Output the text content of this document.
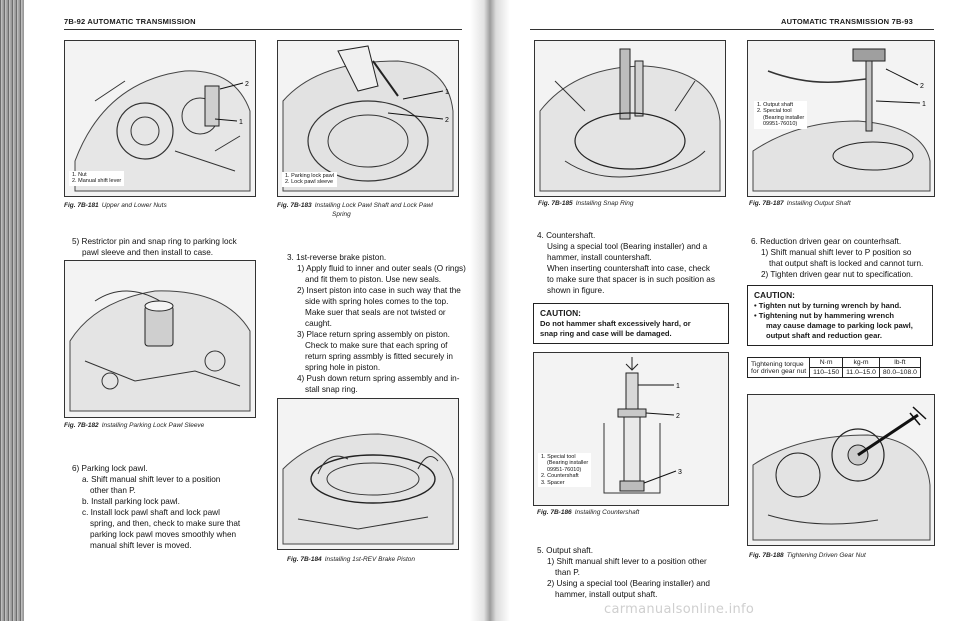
7B-92 AUTOMATIC TRANSMISSION
2
1
1. Nut
2. Manual shift lever
Fig. 7B-181 Upper and Lower Nuts
1
2
1. Parking lock pawl
2. Lock pawl sleeve
Fig. 7B-183 Installing Lock Pawl Shaft and Lock Pawl
Spring
5) Restrictor pin and snap ring to parking lock
pawl sleeve and then install to case.
Fig. 7B-182 Installing Parking Lock Pawl Sleeve
6) Parking lock pawl.
a. Shift manual shift lever to a position
other than P.
b. Install parking lock pawl.
c. Install lock pawl shaft and lock pawl
spring, and then, check to make sure that
parking lock pawl moves smoothly when
manual shift lever is moved.
3. 1st-reverse brake piston.
1) Apply fluid to inner and outer seals (O rings)
and fit them to piston. Use new seals.
2) Insert piston into case in such way that the
side with spring holes comes to the top.
Make suer that seals are not twisted or
caught.
3) Place return spring assembly on piston.
Check to make sure that each spring of
return spring assmbly is fitted securely in
spring hole in piston.
4) Push down return spring assembly and in-
stall snap ring.
Fig. 7B-184 Installing 1st-REV Brake Piston
AUTOMATIC TRANSMISSION 7B-93
Fig. 7B-185 Installing Snap Ring
2
1
1. Output shaft
2. Special tool
(Bearing installer
09951-76010)
Fig. 7B-187 Installing Output Shaft
4. Countershaft.
Using a special tool (Bearing installer) and a
hammer, install countershaft.
When inserting countershaft into case, check
to make sure that spacer is in such position as
shown in figure.
CAUTION:
Do not hammer shaft excessively hard, or
snap ring and case will be damaged.
1
2
3
1. Special tool
(Bearing installer
09951-76010)
2. Countershaft
3. Spacer
Fig. 7B-186 Installing Countershaft
5. Output shaft.
1) Shift manual shift lever to a position other
than P.
2) Using a special tool (Bearing installer) and
hammer, install output shaft.
6. Reduction driven gear on counterhsaft.
1) Shift manual shift lever to P position so
that output shaft is locked and cannot turn.
2) Tighten driven gear nut to specification.
CAUTION:
• Tighten nut by turning wrench by hand.
• Tightening nut by hammering wrench
may cause damage to parking lock pawl,
output shaft and reduction gear.
Tightening torque
for driven gear nut	N·m	kg-m	lb-ft
	110–150	11.0–15.0	80.0–108.0
Fig. 7B-188 Tightening Driven Gear Nut
carmanualsonline.info
